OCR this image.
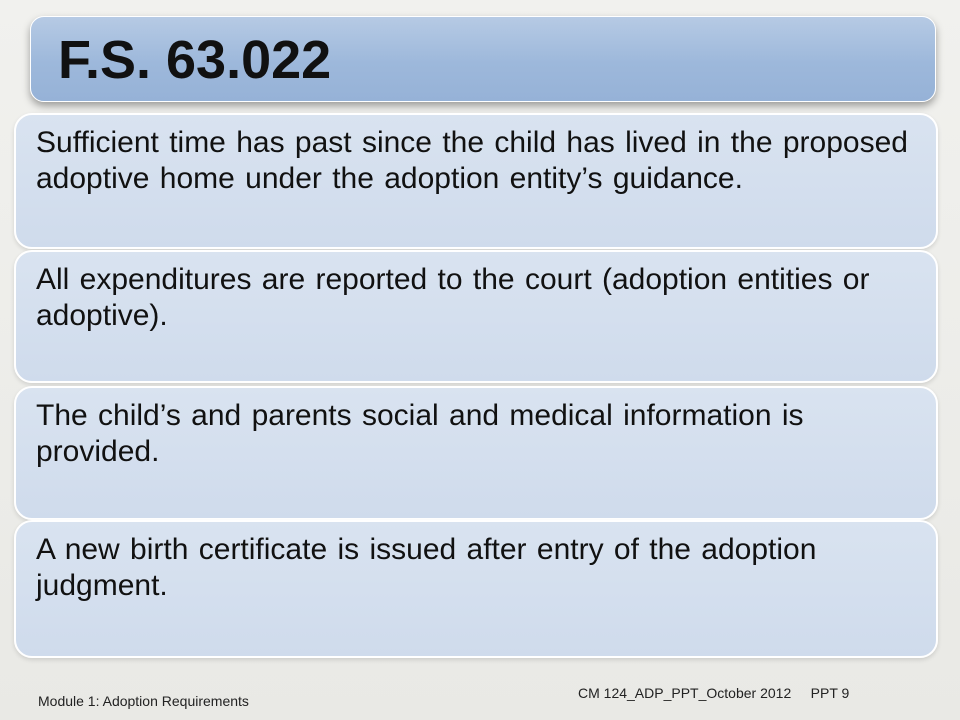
F.S. 63.022
Sufficient time has past since the child has lived in the proposed adoptive home under the adoption entity’s guidance.
All expenditures are reported to the court (adoption entities or adoptive).
The child’s and parents social and medical information is provided.
A new birth certificate is issued after entry of the adoption judgment.
Module 1: Adoption Requirements	CM 124_ADP_PPT_October 2012     PPT 9
